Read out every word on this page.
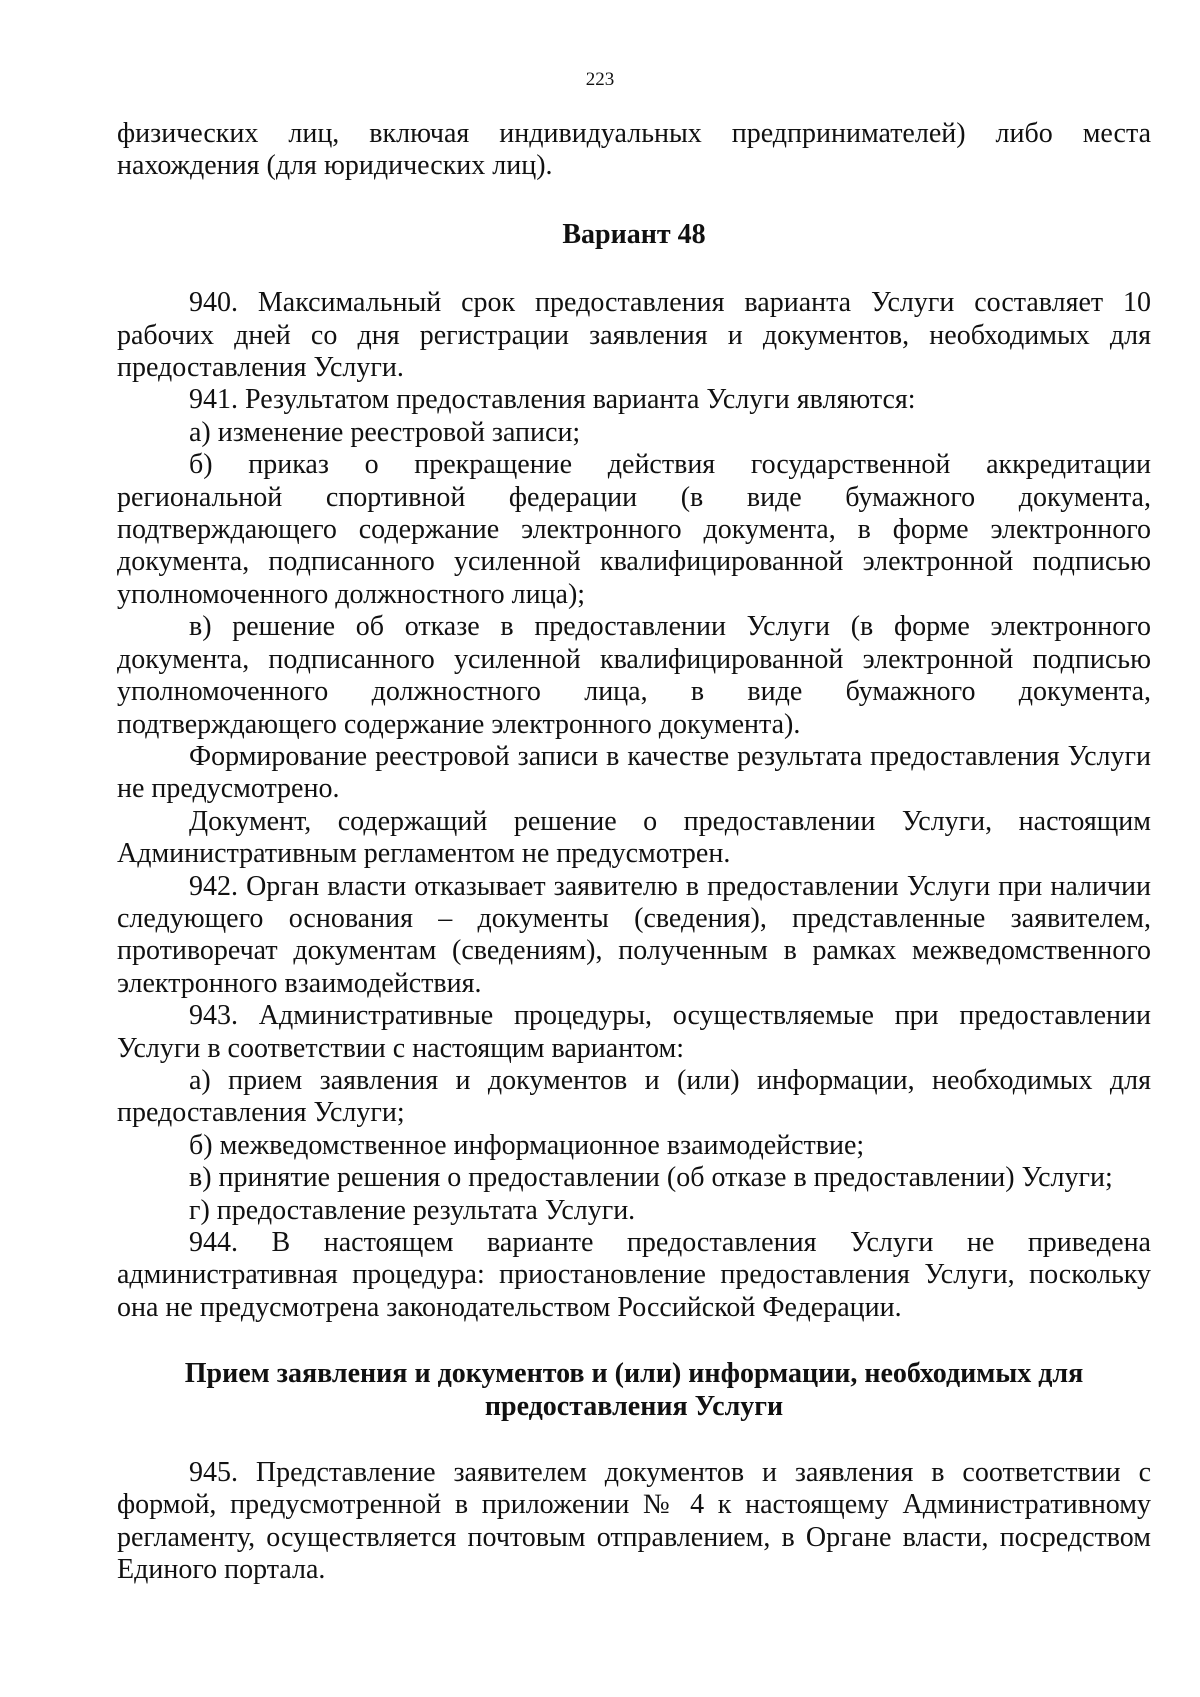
223

физических лиц, включая индивидуальных предпринимателей) либо места нахождения (для юридических лиц).

Вариант 48

940. Максимальный срок предоставления варианта Услуги составляет 10 рабочих дней со дня регистрации заявления и документов, необходимых для предоставления Услуги.

941. Результатом предоставления варианта Услуги являются:

а) изменение реестровой записи;

б) приказ о прекращение действия государственной аккредитации региональной спортивной федерации (в виде бумажного документа, подтверждающего содержание электронного документа, в форме электронного документа, подписанного усиленной квалифицированной электронной подписью уполномоченного должностного лица);

в) решение об отказе в предоставлении Услуги (в форме электронного документа, подписанного усиленной квалифицированной электронной подписью уполномоченного должностного лица, в виде бумажного документа, подтверждающего содержание электронного документа).

Формирование реестровой записи в качестве результата предоставления Услуги не предусмотрено.

Документ, содержащий решение о предоставлении Услуги, настоящим Административным регламентом не предусмотрен.

942. Орган власти отказывает заявителю в предоставлении Услуги при наличии следующего основания – документы (сведения), представленные заявителем, противоречат документам (сведениям), полученным в рамках межведомственного электронного взаимодействия.

943. Административные процедуры, осуществляемые при предоставлении Услуги в соответствии с настоящим вариантом:

а) прием заявления и документов и (или) информации, необходимых для предоставления Услуги;

б) межведомственное информационное взаимодействие;

в) принятие решения о предоставлении (об отказе в предоставлении) Услуги;

г) предоставление результата Услуги.

944. В настоящем варианте предоставления Услуги не приведена административная процедура: приостановление предоставления Услуги, поскольку она не предусмотрена законодательством Российской Федерации.

Прием заявления и документов и (или) информации, необходимых для
предоставления Услуги

945. Представление заявителем документов и заявления в соответствии с формой, предусмотренной в приложении № 4 к настоящему Административному регламенту, осуществляется почтовым отправлением, в Органе власти, посредством Единого портала.
